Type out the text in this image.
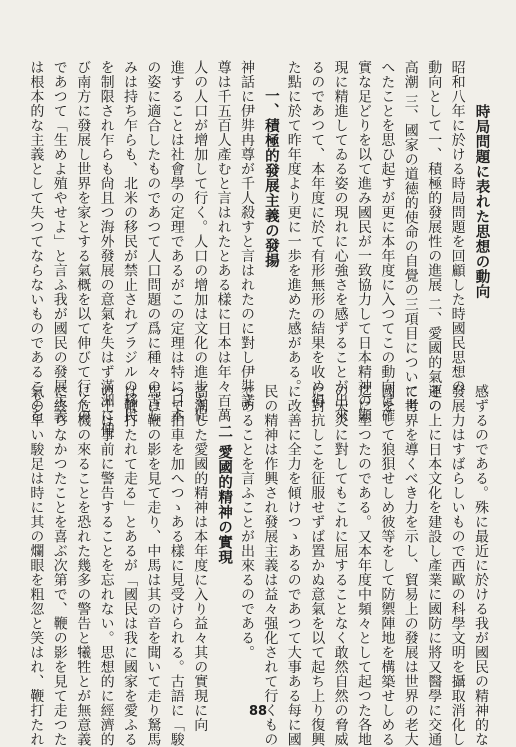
時局問題に表れた思想の動向
昭和八年に於ける時局問題を回顧した時國民思想の
動向として一、積極的發展性の進展 二、愛國的氣運の
高潮 三、國家の道徳的使命の自覺の三項目について考
へたことを思ひ起すが更に本年度に入つてこの動向は確
實な足どりを以て進み國民が一致協力して日本精神の顯
現に精進してゐる姿の現れに心強さを感ずることが出來
るのであつて、本年度に於て有形無形の結果を收め得
た點に於て昨年度より更に一歩を進めた感がある。
一、積極的發展主義の發揚
神話に伊弉冉尊が千人殺すと言はれたのに對し伊弉諾
尊は千五百人產むと言はれたとある樣に日本は年々百萬
人の人口が增加して行く。人口の增加は文化の進步を促
進することは社會學の定理であるがこの定理は特に日本
の姿に適合したものであつて人口問題の爲に種々の苦し
みは持ち乍らも、北米の移民が禁止されブラジルの移民
を制限され乍らも尙且つ海外發展の意氣を失はず滿洲に伸
び南方に發展し世界を家とする氣概を以て伸びて行くの
であつて「生めよ殖やせよ」と言ふ我が國民の發展主義
は根本的な主義として失つてならないものであることを
感ずるのである。殊に最近に於ける我が國民の精神的な
發展力はすばらしいもので西歐の科學文明を攝取消化し
その上に日本文化を建設し產業に國防に將又醫學に交通
に世界を導くべき力を示し、貿易上の發展は世界の老大
國をして狼狽せしめ彼等をして防禦陣地を構築せしめる
迄に至つたのである。又本年度中頻々として起つた各地
の天災に對してもこれに屈することなく敢然自然の脅威
に對抗しこを征服せずば置かぬ意氣を以て起ち上り復興
に改善に全力を傾けつゝあるのであつて大事ある每に國
民の精神は作興され發展主義は益々强化されて行くもの
であることを言ふことが出來るのである。
二 愛國的精神の實現
高潮した愛國的精神は本年度に入り益々其の實現に向
つて拍車を加へつゝある樣に見受けられる。古語に「駿
馬は鞭の影を見て走り、中馬は其の音を聞いて走り駑馬
は鞭打たれて走る」とあるが「國民は我に國家を愛ふる
の士は事前に警告することを忘れない。思想的に經濟的
に危機の來ることを恐れた幾多の警告と犧牲とが無意義
に終らなかつたことを喜ぶ次第で、鞭の影を見て走つた
氣の早い駿足は時に其の爛眼を粗忽と笑はれ、鞭打たれ	88
